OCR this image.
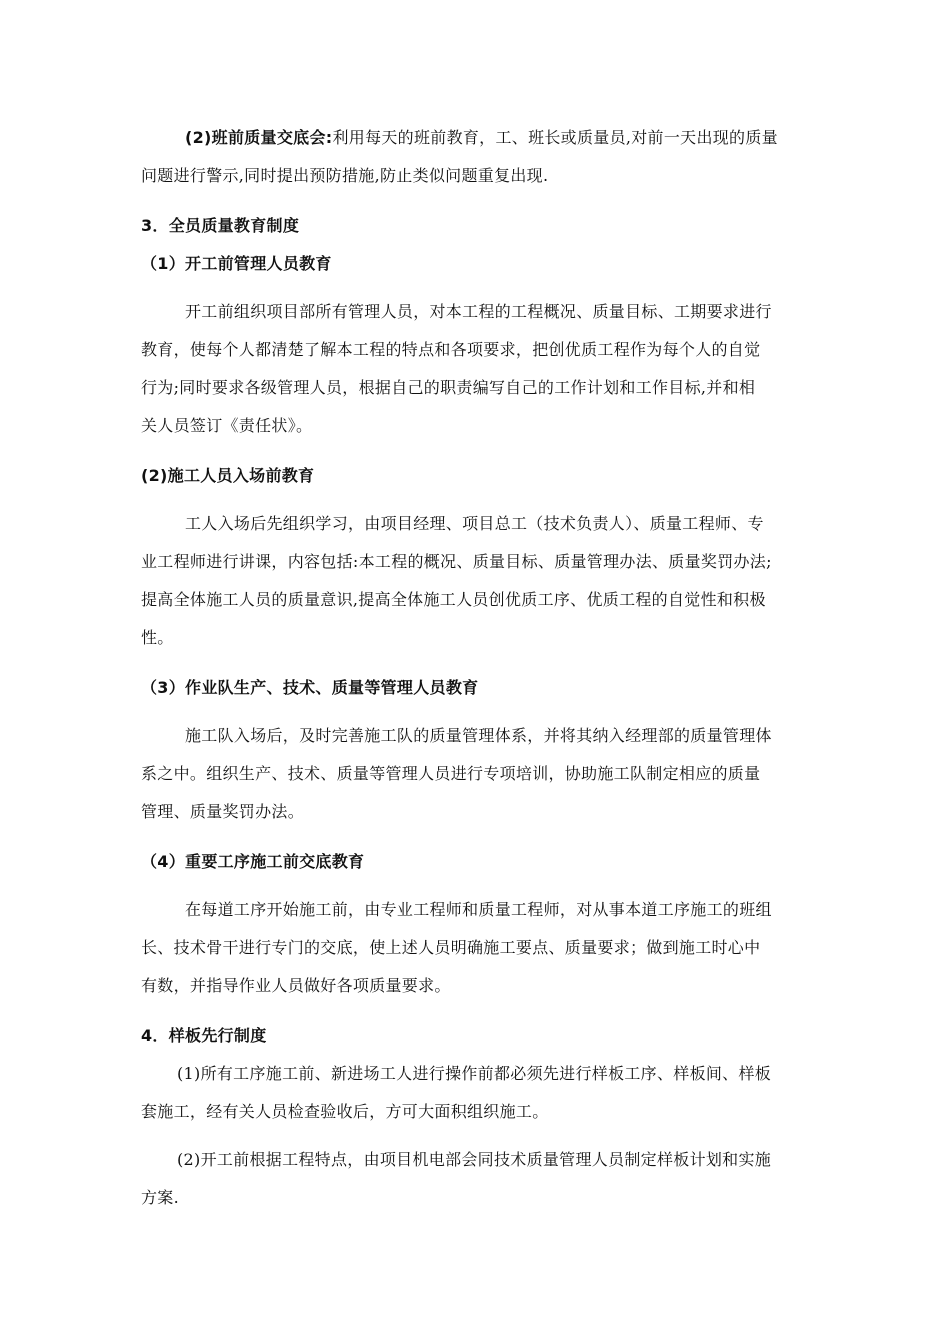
(2)班前质量交底会:利用每天的班前教育，工、班长或质量员,对前一天出现的质量
问题进行警示,同时提出预防措施,防止类似问题重复出现.
3．全员质量教育制度
（1）开工前管理人员教育
开工前组织项目部所有管理人员，对本工程的工程概况、质量目标、工期要求进行
教育，使每个人都清楚了解本工程的特点和各项要求，把创优质工程作为每个人的自觉
行为;同时要求各级管理人员，根据自己的职责编写自己的工作计划和工作目标,并和相
关人员签订《责任状》。
(2)施工人员入场前教育
工人入场后先组织学习，由项目经理、项目总工（技术负责人）、质量工程师、专
业工程师进行讲课，内容包括:本工程的概况、质量目标、质量管理办法、质量奖罚办法;
提高全体施工人员的质量意识,提高全体施工人员创优质工序、优质工程的自觉性和积极
性。
（3）作业队生产、技术、质量等管理人员教育
施工队入场后，及时完善施工队的质量管理体系，并将其纳入经理部的质量管理体
系之中。组织生产、技术、质量等管理人员进行专项培训，协助施工队制定相应的质量
管理、质量奖罚办法。
（4）重要工序施工前交底教育
在每道工序开始施工前，由专业工程师和质量工程师，对从事本道工序施工的班组
长、技术骨干进行专门的交底，使上述人员明确施工要点、质量要求；做到施工时心中
有数，并指导作业人员做好各项质量要求。
4．样板先行制度
(1)所有工序施工前、新进场工人进行操作前都必须先进行样板工序、样板间、样板
套施工，经有关人员检查验收后，方可大面积组织施工。
(2)开工前根据工程特点，由项目机电部会同技术质量管理人员制定样板计划和实施
方案.
